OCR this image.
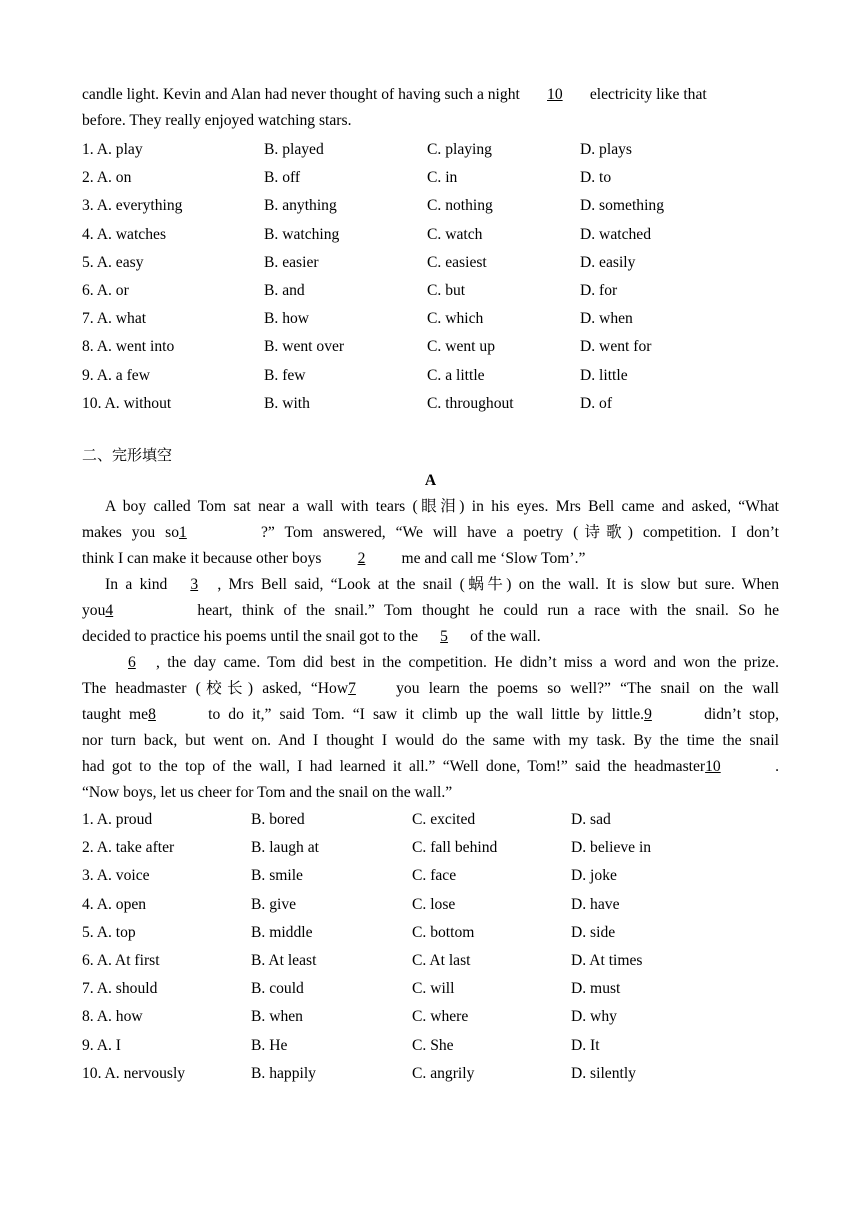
candle light. Kevin and Alan had never thought of having such a night 10 electricity like that
before. They really enjoyed watching stars.
1. A. play	B. played	C. playing	D. plays
2. A. on	B. off	C. in	D. to
3. A. everything	B. anything	C. nothing	D. something
4. A. watches	B. watching	C. watch	D. watched
5. A. easy	B. easier	C. easiest	D. easily
6. A. or	B. and	C. but	D. for
7. A. what	B. how	C. which	D. when
8. A. went into	B. went over	C. went up	D. went for
9. A. a few	B. few	C. a little	D. little
10. A. without	B. with	C. throughout	D. of
二、完形填空
A
A boy called Tom sat near a wall with tears (眼泪) in his eyes. Mrs Bell came and asked, “What
makes you so1	?” Tom answered, “We will have a poetry (诗歌) competition. I don’t
think I can make it because other boys 2 me and call me ‘Slow Tom’.”
In a kind 3 , Mrs Bell said, “Look at the snail (蜗牛) on the wall. It is slow but sure. When
you4	heart, think of the snail.” Tom thought he could run a race with the snail. So he
decided to practice his poems until the snail got to the 5 of the wall.
6 , the day came. Tom did best in the competition. He didn’t miss a word and won the prize.
The headmaster (校长) asked, “How7	you learn the poems so well?” “The snail on the wall
taught me8	to do it,” said Tom. “I saw it climb up the wall little by little.9	didn’t stop,
nor turn back, but went on. And I thought I would do the same with my task. By the time the snail
had got to the top of the wall, I had learned it all.” “Well done, Tom!” said the headmaster10	.
“Now boys, let us cheer for Tom and the snail on the wall.”
1. A. proud	B. bored	C. excited	D. sad
2. A. take after	B. laugh at	C. fall behind	D. believe in
3. A. voice	B. smile	C. face	D. joke
4. A. open	B. give	C. lose	D. have
5. A. top	B. middle	C. bottom	D. side
6. A. At first	B. At least	C. At last	D. At times
7. A. should	B. could	C. will	D. must
8. A. how	B. when	C. where	D. why
9. A. I	B. He	C. She	D. It
10. A. nervously	B. happily	C. angrily	D. silently
